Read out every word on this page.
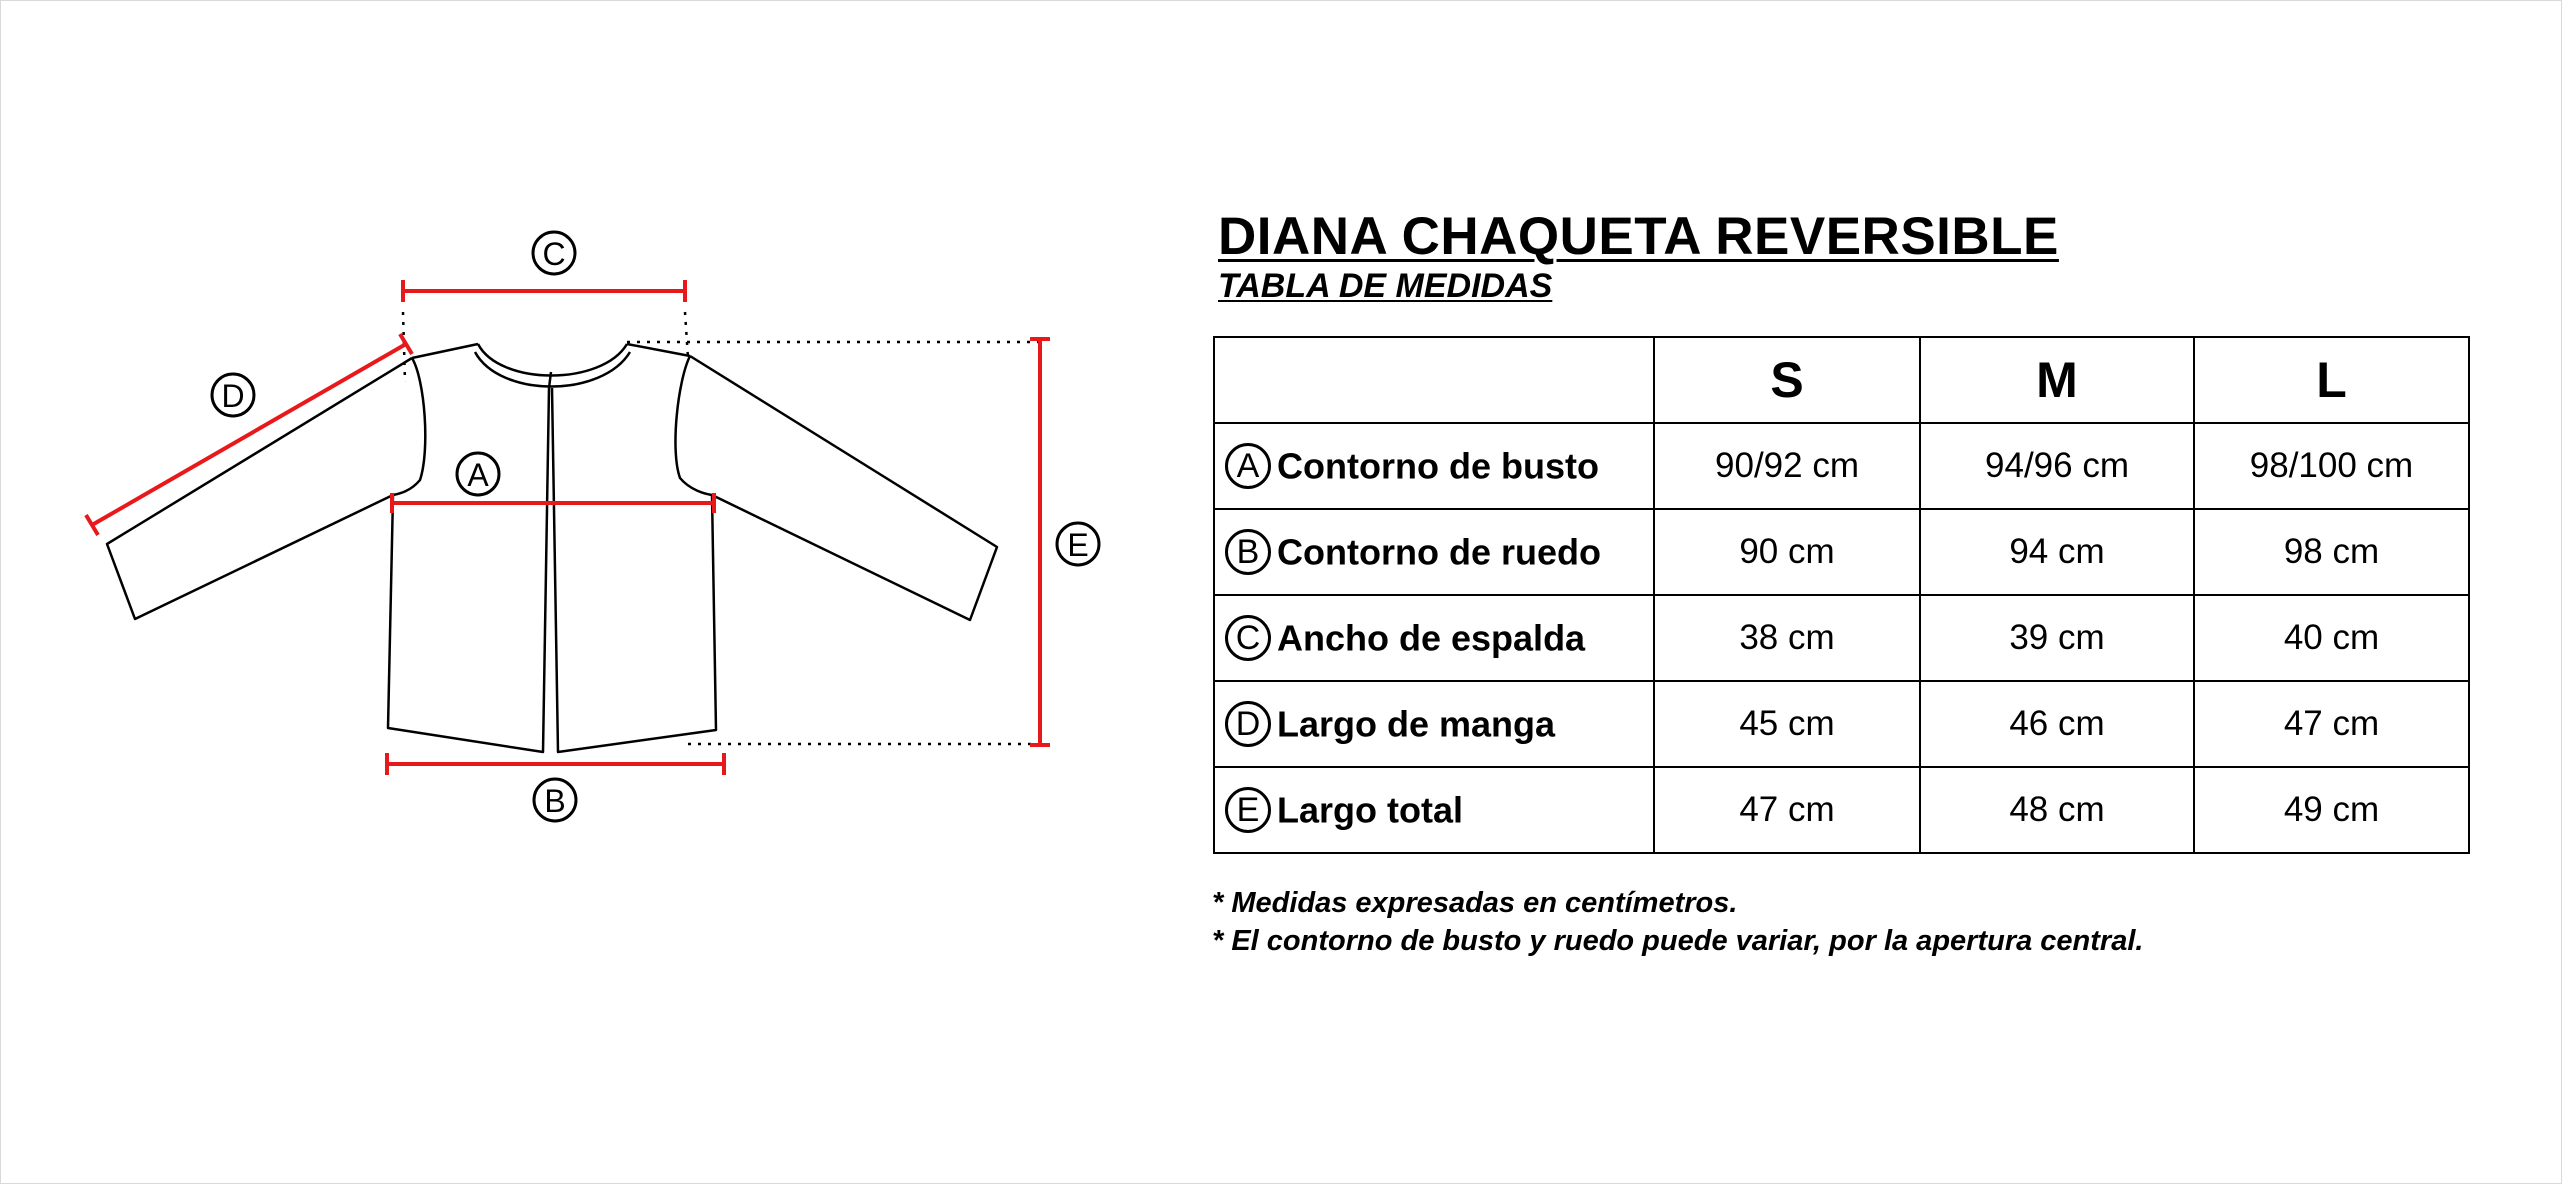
C
D
A
E
B
DIANA CHAQUETA REVERSIBLE
TABLA DE MEDIDAS
	S	M	L
A Contorno de busto	90/92 cm	94/96 cm	98/100 cm
B Contorno de ruedo	90 cm	94 cm	98 cm
C Ancho de espalda	38 cm	39 cm	40 cm
D Largo de manga	45 cm	46 cm	47 cm
E Largo total	47 cm	48 cm	49 cm

* Medidas expresadas en centímetros.

* El contorno de busto y ruedo puede variar, por la apertura central.
